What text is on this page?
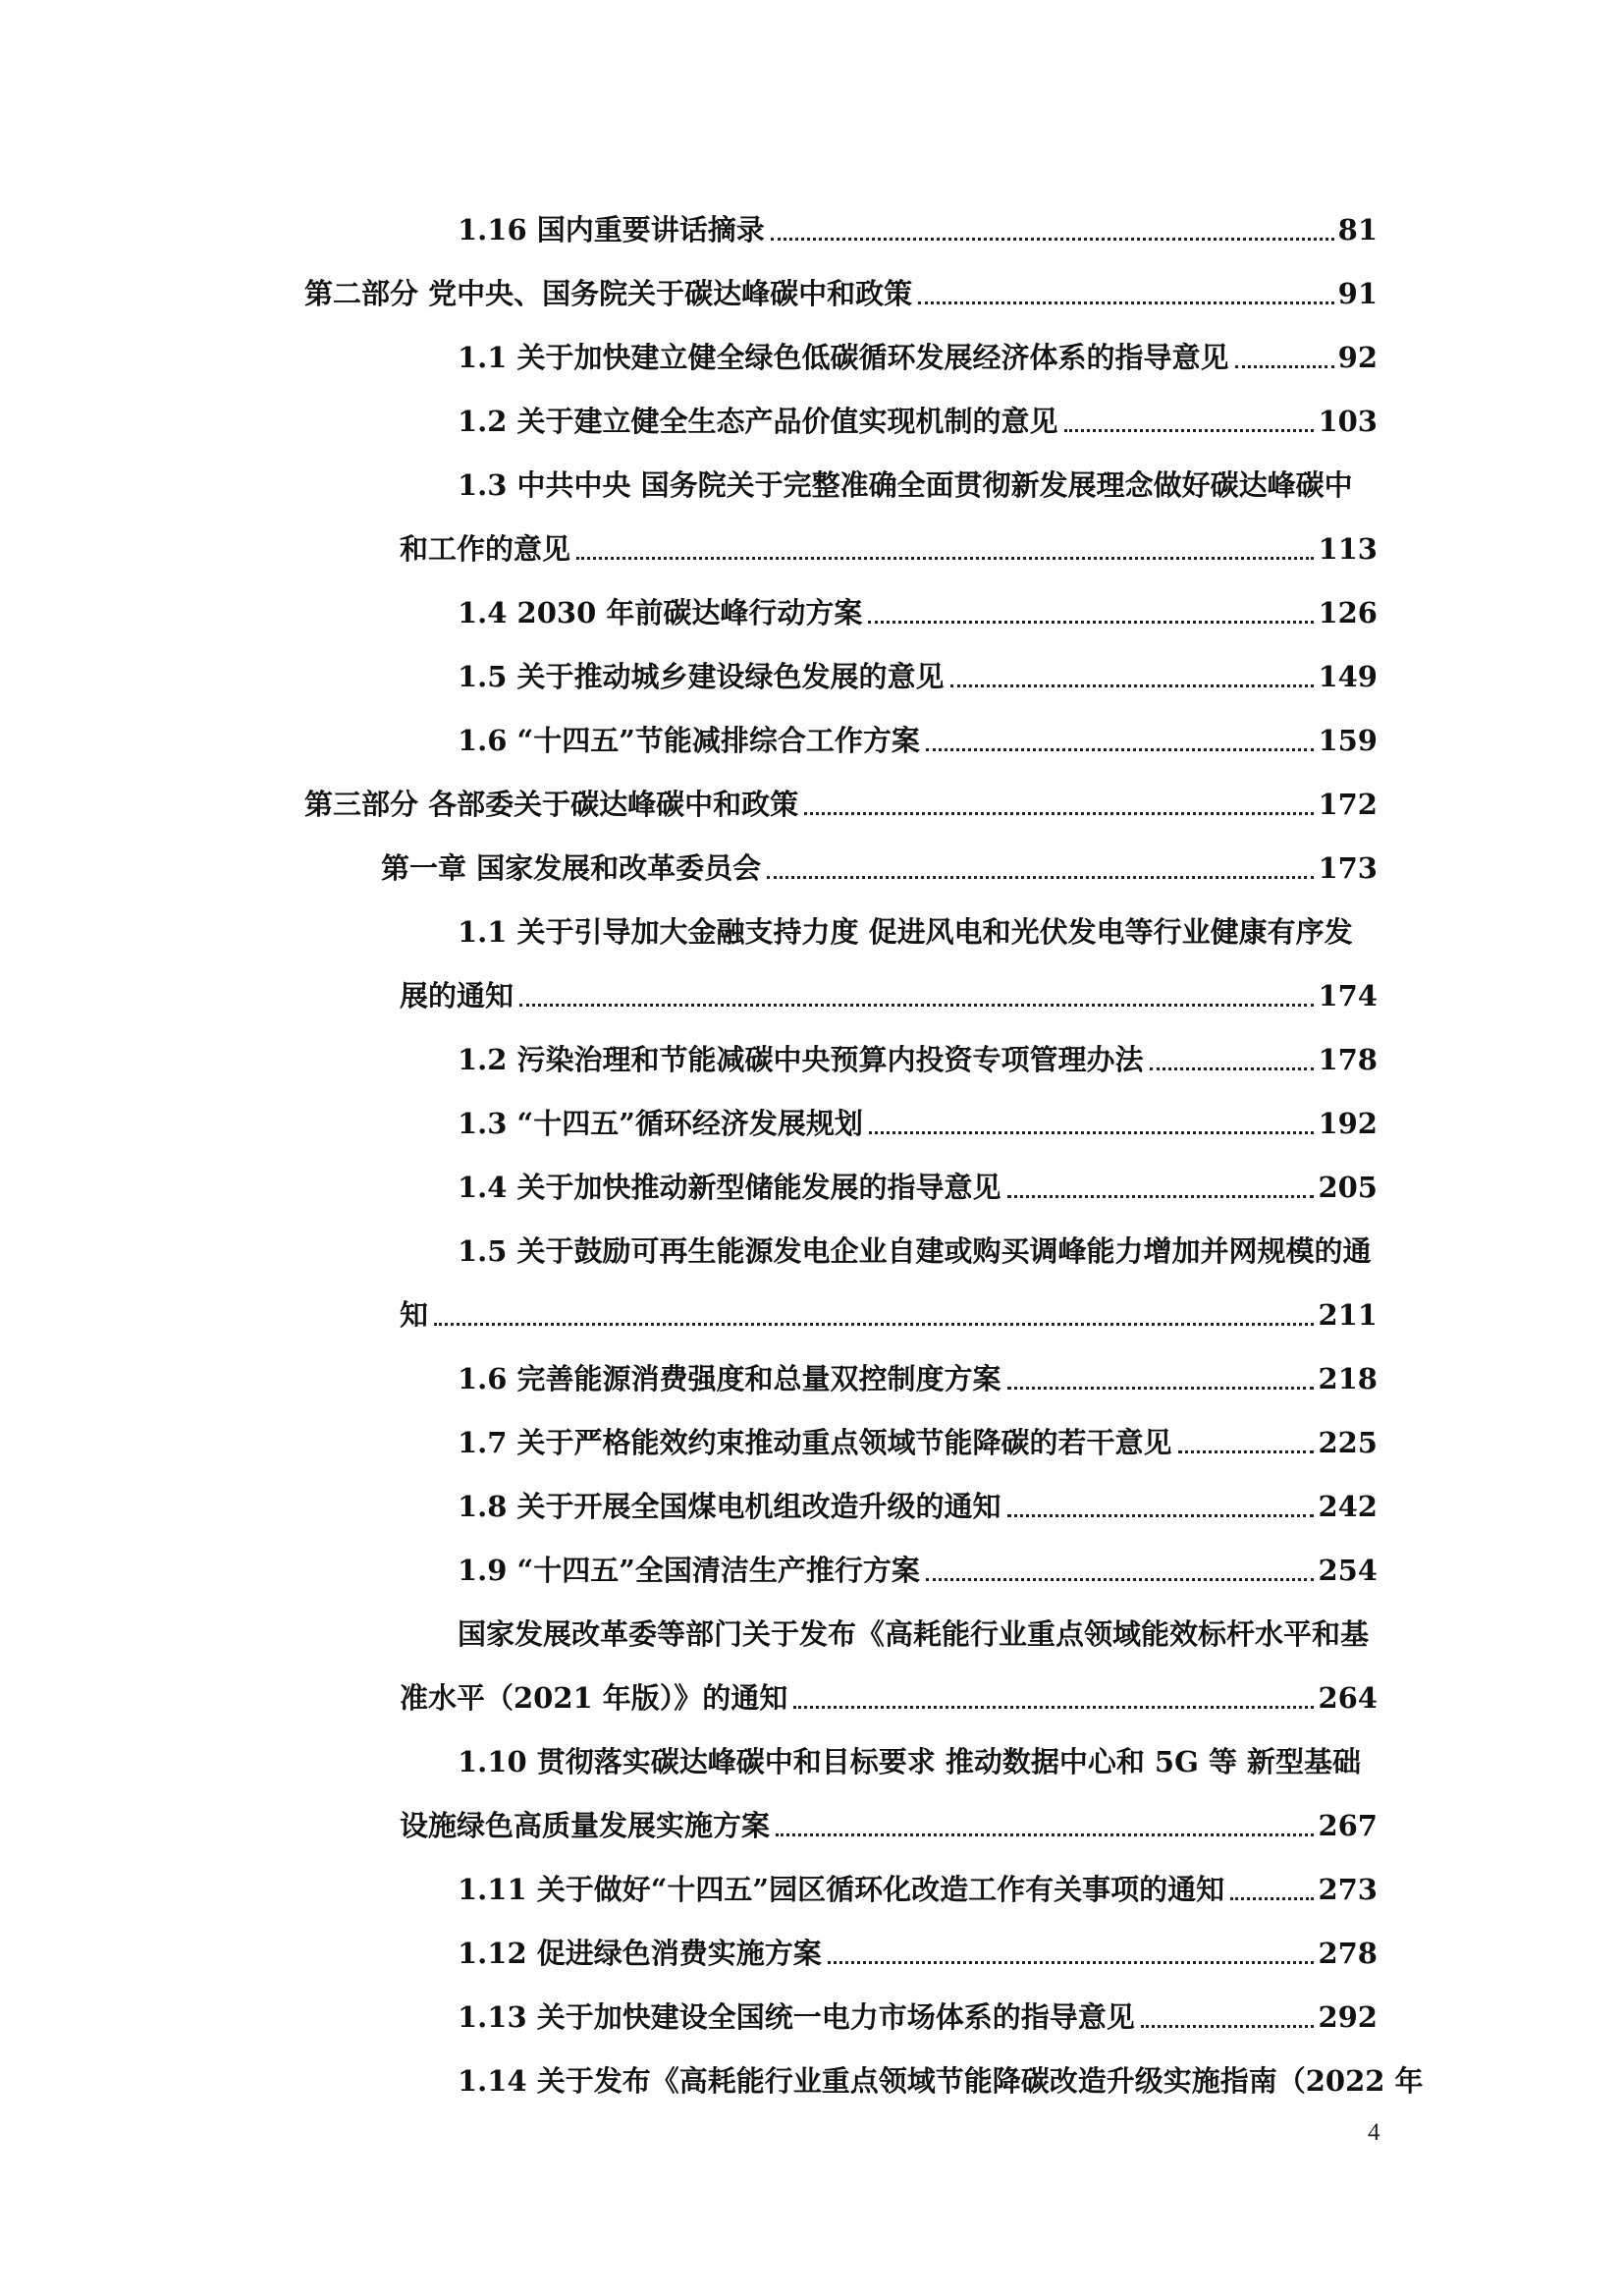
1.16 国内重要讲话摘录	81
第二部分 党中央、国务院关于碳达峰碳中和政策	91
1.1 关于加快建立健全绿色低碳循环发展经济体系的指导意见	92
1.2 关于建立健全生态产品价值实现机制的意见	103
1.3 中共中央 国务院关于完整准确全面贯彻新发展理念做好碳达峰碳中
和工作的意见	113
1.4 2030 年前碳达峰行动方案	126
1.5 关于推动城乡建设绿色发展的意见	149
1.6 “十四五”节能减排综合工作方案	159
第三部分 各部委关于碳达峰碳中和政策	172
第一章 国家发展和改革委员会	173
1.1 关于引导加大金融支持力度 促进风电和光伏发电等行业健康有序发
展的通知	174
1.2 污染治理和节能减碳中央预算内投资专项管理办法	178
1.3 “十四五”循环经济发展规划	192
1.4 关于加快推动新型储能发展的指导意见	205
1.5 关于鼓励可再生能源发电企业自建或购买调峰能力增加并网规模的通
知	211
1.6 完善能源消费强度和总量双控制度方案	218
1.7 关于严格能效约束推动重点领域节能降碳的若干意见	225
1.8 关于开展全国煤电机组改造升级的通知	242
1.9 “十四五”全国清洁生产推行方案	254
国家发展改革委等部门关于发布《高耗能行业重点领域能效标杆水平和基
准水平（2021 年版）》的通知	264
1.10 贯彻落实碳达峰碳中和目标要求 推动数据中心和 5G 等 新型基础
设施绿色高质量发展实施方案	267
1.11 关于做好“十四五”园区循环化改造工作有关事项的通知	273
1.12 促进绿色消费实施方案	278
1.13 关于加快建设全国统一电力市场体系的指导意见	292
1.14 关于发布《高耗能行业重点领域节能降碳改造升级实施指南（2022 年
4
